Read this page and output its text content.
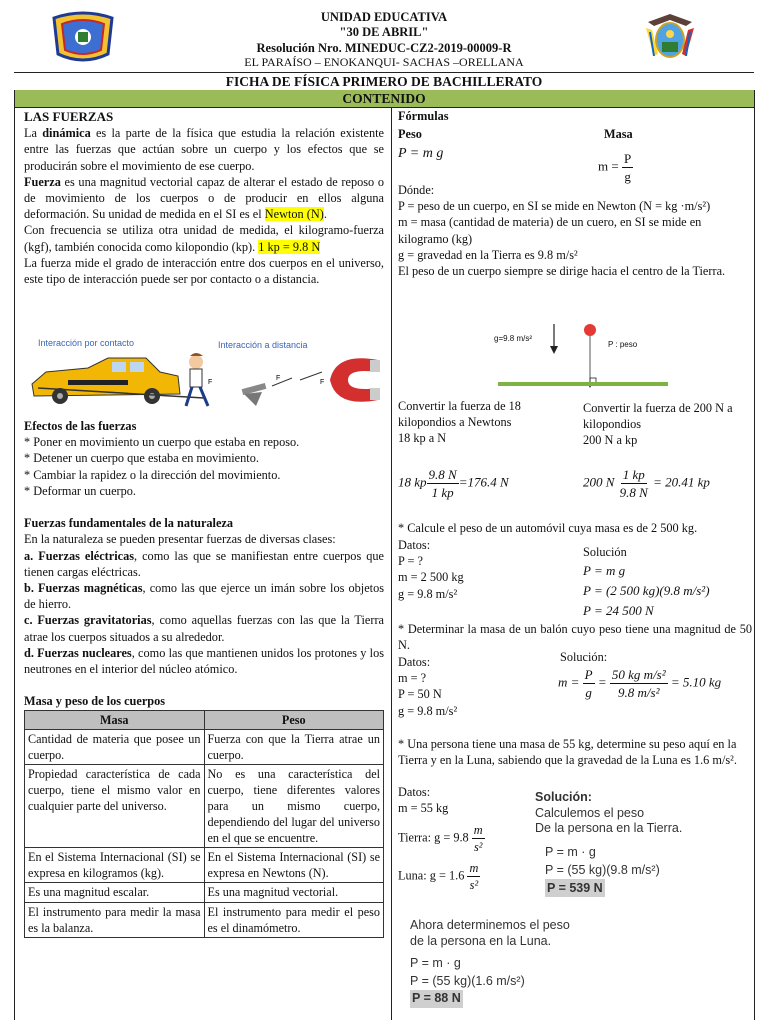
UNIDAD EDUCATIVA
"30 DE ABRIL"
Resolución Nro. MINEDUC-CZ2-2019-00009-R
EL PARAÍSO – ENOKANQUI- SACHAS –ORELLANA
FICHA DE FÍSICA PRIMERO DE BACHILLERATO
CONTENIDO

LAS FUERZAS

La dinámica es la parte de la física que estudia la relación existente entre las fuerzas que actúan sobre un cuerpo y los efectos que se producirán sobre el movimiento de ese cuerpo.

Fuerza es una magnitud vectorial capaz de alterar el estado de reposo o de movimiento de los cuerpos o de producir en ellos alguna deformación. Su unidad de medida en el SI es el Newton (N).

Con frecuencia se utiliza otra unidad de medida, el kilogramo-fuerza (kgf), también conocida como kilopondio (kp). 1 kp = 9.8 N

La fuerza mide el grado de interacción entre dos cuerpos en el universo, este tipo de interacción puede ser por contacto o a distancia.

Interacción por contacto	Interacción a distancia
F
F
F

Efectos de las fuerzas

* Poner en movimiento un cuerpo que estaba en reposo.

* Detener un cuerpo que estaba en movimiento.

* Cambiar la rapidez o la dirección del movimiento.

* Deformar un cuerpo.

Fuerzas fundamentales de la naturaleza

En la naturaleza se pueden presentar fuerzas de diversas clases:

a. Fuerzas eléctricas, como las que se manifiestan entre cuerpos que tienen cargas eléctricas.

b. Fuerzas magnéticas, como las que ejerce un imán sobre los objetos de hierro.

c. Fuerzas gravitatorias, como aquellas fuerzas con las que la Tierra atrae los cuerpos situados a su alrededor.

d. Fuerzas nucleares, como las que mantienen unidos los protones y los neutrones en el interior del núcleo atómico.

Masa y peso de los cuerpos

Masa	Peso
Cantidad de materia que posee un cuerpo.	Fuerza con que la Tierra atrae un cuerpo.
Propiedad característica de cada cuerpo, tiene el mismo valor en cualquier parte del universo.	No es una característica del cuerpo, tiene diferentes valores para un mismo cuerpo, dependiendo del lugar del universo en el que se encuentre.
En el Sistema Internacional (SI) se expresa en kilogramos (kg).	En el Sistema Internacional (SI) se expresa en Newtons (N).
Es una magnitud escalar.	Es una magnitud vectorial.
El instrumento para medir la masa es la balanza.	El instrumento para medir el peso es el dinamómetro.
Fórmulas
Peso	Masa
P = m g
$m = \frac{P}{g}$

Dónde:

P = peso de un cuerpo, en SI se mide en Newton (N = kg ·m/s²)

m = masa (cantidad de materia) de un cuero, en SI se mide en kilogramo (kg)

g = gravedad en la Tierra es 9.8 m/s²

El peso de un cuerpo siempre se dirige hacia el centro de la Tierra.

g=9.8 m/s²
P : peso

Convertir la fuerza de 18 kilopondios a Newtons

18 kp a N

Convertir la fuerza de 200 N a kilopondios

200 N a kp

18 kp $\frac{9.8 N}{1 kp} =176.4$ N	200 N $\frac{1 kp}{9.8 N} = 20.41$ kp
* Calcule el peso de un automóvil cuya masa es de 2 500 kg.

Datos:

P = ?

m = 2 500 kg

g = 9.8 m/s²

Solución

P = m g

P = (2 500 kg)(9.8 m/s²)

P = 24 500 N

* Determinar la masa de un balón cuyo peso tiene una magnitud de 50 N.

Datos:

m = ?

P = 50 N

g = 9.8 m/s²

Solución:
$m = \frac{P}{g} = \frac{\text{50 kg m/s²}}{\text{9.8 m/s²}} = 5.10$ kg
* Una persona tiene una masa de 55 kg, determine su peso aquí en la Tierra y en la Luna, sabiendo que la gravedad de la Luna es 1.6 m/s².
Datos:
m = 55 kg
Tierra: $g = 9.8 \frac{m}{\text{s²}}$
Luna: $g = 1.6 \frac{m}{\text{s²}}$

Solución:

Calculemos el peso

De la persona en la Tierra.

P = m · g

P = (55 kg)(9.8 m/s²)

P = 539 N

Ahora determinemos el peso

de la persona en la Luna.

P = m · g

P = (55 kg)(1.6 m/s²)

P = 88 N
